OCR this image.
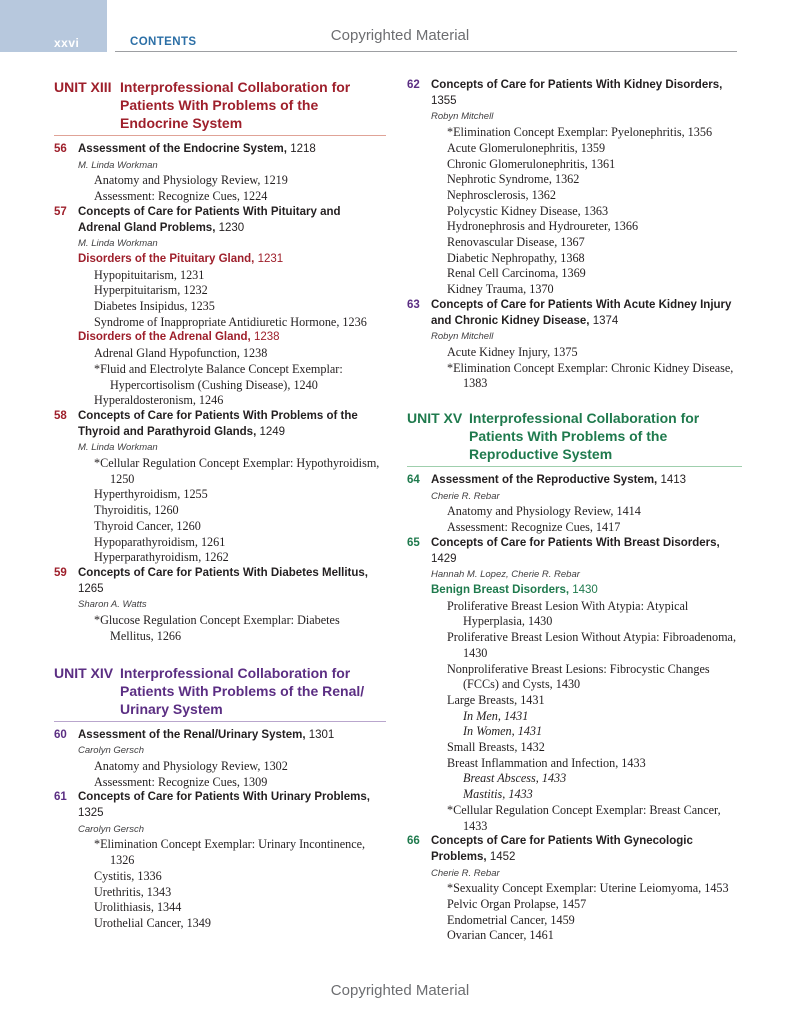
xxvi	CONTENTS	Copyrighted Material
Copyrighted Material
UNIT XIII Interprofessional Collaboration for Patients With Problems of the Endocrine System
56 Assessment of the Endocrine System, 1218
M. Linda Workman
Anatomy and Physiology Review, 1219
Assessment: Recognize Cues, 1224
57 Concepts of Care for Patients With Pituitary and Adrenal Gland Problems, 1230
M. Linda Workman
Disorders of the Pituitary Gland, 1231
Hypopituitarism, 1231
Hyperpituitarism, 1232
Diabetes Insipidus, 1235
Syndrome of Inappropriate Antidiuretic Hormone, 1236
Disorders of the Adrenal Gland, 1238
Adrenal Gland Hypofunction, 1238
*Fluid and Electrolyte Balance Concept Exemplar: Hypercortisolism (Cushing Disease), 1240
Hyperaldosteronism, 1246
58 Concepts of Care for Patients With Problems of the Thyroid and Parathyroid Glands, 1249
M. Linda Workman
*Cellular Regulation Concept Exemplar: Hypothyroidism, 1250
Hyperthyroidism, 1255
Thyroiditis, 1260
Thyroid Cancer, 1260
Hypoparathyroidism, 1261
Hyperparathyroidism, 1262
59 Concepts of Care for Patients With Diabetes Mellitus, 1265
Sharon A. Watts
*Glucose Regulation Concept Exemplar: Diabetes Mellitus, 1266
UNIT XIV Interprofessional Collaboration for Patients With Problems of the Renal/ Urinary System
60 Assessment of the Renal/Urinary System, 1301
Carolyn Gersch
Anatomy and Physiology Review, 1302
Assessment: Recognize Cues, 1309
61 Concepts of Care for Patients With Urinary Problems, 1325
Carolyn Gersch
*Elimination Concept Exemplar: Urinary Incontinence, 1326
Cystitis, 1336
Urethritis, 1343
Urolithiasis, 1344
Urothelial Cancer, 1349
62 Concepts of Care for Patients With Kidney Disorders, 1355
Robyn Mitchell
*Elimination Concept Exemplar: Pyelonephritis, 1356
Acute Glomerulonephritis, 1359
Chronic Glomerulonephritis, 1361
Nephrotic Syndrome, 1362
Nephrosclerosis, 1362
Polycystic Kidney Disease, 1363
Hydronephrosis and Hydroureter, 1366
Renovascular Disease, 1367
Diabetic Nephropathy, 1368
Renal Cell Carcinoma, 1369
Kidney Trauma, 1370
63 Concepts of Care for Patients With Acute Kidney Injury and Chronic Kidney Disease, 1374
Robyn Mitchell
Acute Kidney Injury, 1375
*Elimination Concept Exemplar: Chronic Kidney Disease, 1383
UNIT XV Interprofessional Collaboration for Patients With Problems of the Reproductive System
64 Assessment of the Reproductive System, 1413
Cherie R. Rebar
Anatomy and Physiology Review, 1414
Assessment: Recognize Cues, 1417
65 Concepts of Care for Patients With Breast Disorders, 1429
Hannah M. Lopez, Cherie R. Rebar
Benign Breast Disorders, 1430
Proliferative Breast Lesion With Atypia: Atypical Hyperplasia, 1430
Proliferative Breast Lesion Without Atypia: Fibroadenoma, 1430
Nonproliferative Breast Lesions: Fibrocystic Changes (FCCs) and Cysts, 1430
Large Breasts, 1431
In Men, 1431
In Women, 1431
Small Breasts, 1432
Breast Inflammation and Infection, 1433
Breast Abscess, 1433
Mastitis, 1433
*Cellular Regulation Concept Exemplar: Breast Cancer, 1433
66 Concepts of Care for Patients With Gynecologic Problems, 1452
Cherie R. Rebar
*Sexuality Concept Exemplar: Uterine Leiomyoma, 1453
Pelvic Organ Prolapse, 1457
Endometrial Cancer, 1459
Ovarian Cancer, 1461
